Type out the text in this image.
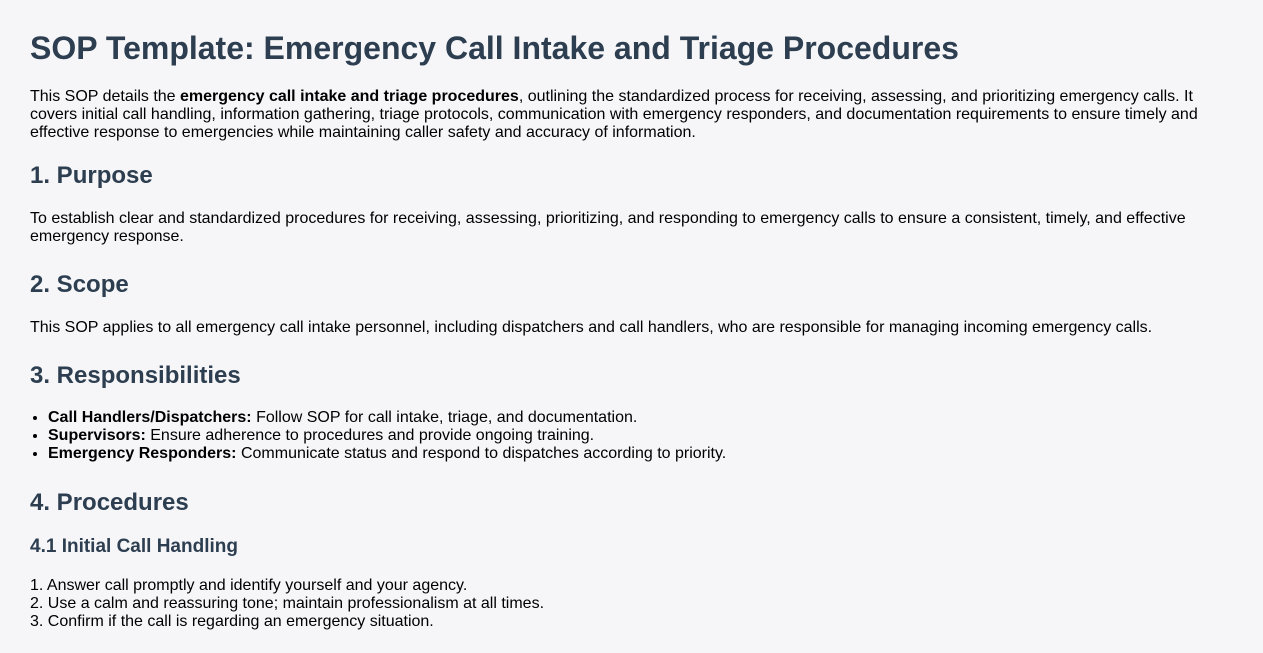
SOP Template: Emergency Call Intake and Triage Procedures

This SOP details the emergency call intake and triage procedures, outlining the standardized process for receiving, assessing, and prioritizing emergency calls. It covers initial call handling, information gathering, triage protocols, communication with emergency responders, and documentation requirements to ensure timely and effective response to emergencies while maintaining caller safety and accuracy of information.

1. Purpose

To establish clear and standardized procedures for receiving, assessing, prioritizing, and responding to emergency calls to ensure a consistent, timely, and effective emergency response.

2. Scope

This SOP applies to all emergency call intake personnel, including dispatchers and call handlers, who are responsible for managing incoming emergency calls.

3. Responsibilities
• Call Handlers/Dispatchers: Follow SOP for call intake, triage, and documentation.
• Supervisors: Ensure adherence to procedures and provide ongoing training.
• Emergency Responders: Communicate status and respond to dispatches according to priority.
4. Procedures
4.1 Initial Call Handling
1. Answer call promptly and identify yourself and your agency.
2. Use a calm and reassuring tone; maintain professionalism at all times.
3. Confirm if the call is regarding an emergency situation.
